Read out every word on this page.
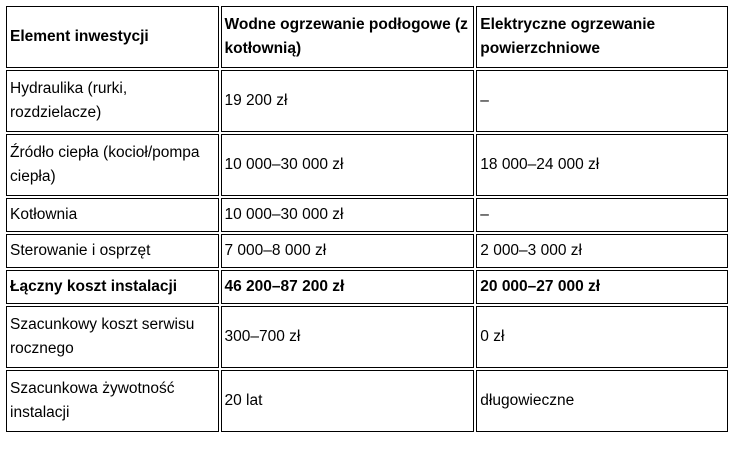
Element inwestycji	Wodne ogrzewanie podłogowe (z kotłownią)	Elektryczne ogrzewanie powierzchniowe

Hydraulika (rurki, rozdzielacze)	19 200 zł	–

Źródło ciepła (kocioł/pompa ciepła)	10 000–30 000 zł	18 000–24 000 zł

Kotłownia	10 000–30 000 zł	–

Sterowanie i osprzęt	7 000–8 000 zł	2 000–3 000 zł

Łączny koszt instalacji	46 200–87 200 zł	20 000–27 000 zł

Szacunkowy koszt serwisu rocznego	300–700 zł	0 zł

Szacunkowa żywotność instalacji	20 lat	długowieczne
